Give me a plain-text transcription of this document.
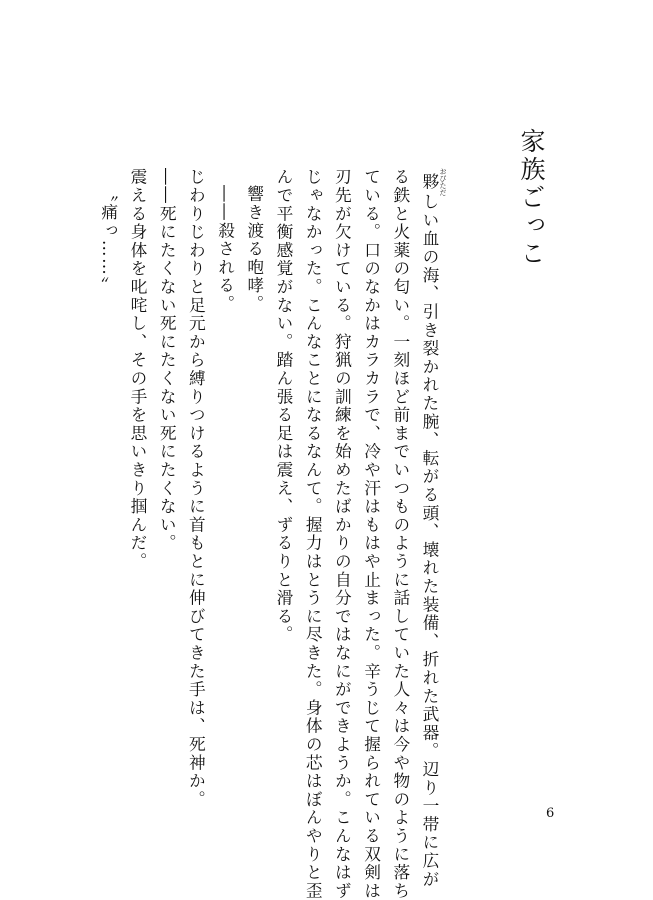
家族ごっこ

夥 おびただしい血の海、引き裂かれた腕、転がる頭、壊れた装備、折れた武器。辺り一帯に広が

る鉄と火薬の匂い。一刻ほど前までいつものように話していた人々は今や物のように落ち

ている。口のなかはカラカラで、冷や汗はもはや止まった。辛うじて握られている双剣は

刃先が欠けている。狩猟の訓練を始めたばかりの自分ではなにができようか。こんなはず

じゃなかった。こんなことになるなんて。握力はとうに尽きた。身体の芯はぼんやりと歪

んで平衡感覚がない。踏ん張る足は震え、ずるりと滑る。

響き渡る咆哮。

――殺される。

じわりじわりと足元から縛りつけるように首もとに伸びてきた手は、死神か。

――死にたくない死にたくない死にたくない。

震える身体を叱咤し、その手を思いきり掴んだ。

〝痛っ……〟

6
